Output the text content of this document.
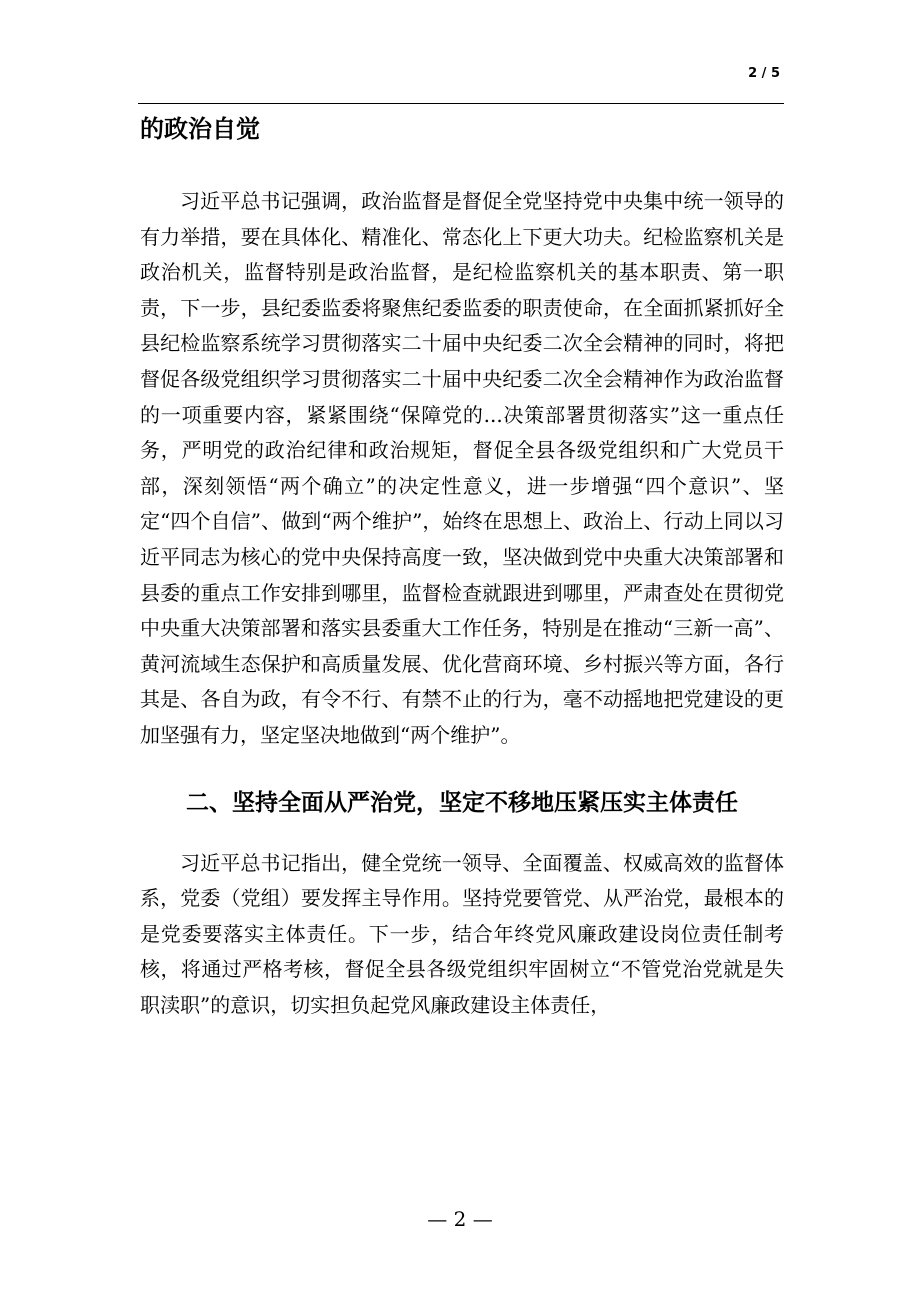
2 / 5
的政治自觉

习近平总书记强调，政治监督是督促全党坚持党中央集中统一领导的有力举措，要在具体化、精准化、常态化上下更大功夫。纪检监察机关是政治机关，监督特别是政治监督，是纪检监察机关的基本职责、第一职责，下一步，县纪委监委将聚焦纪委监委的职责使命，在全面抓紧抓好全县纪检监察系统学习贯彻落实二十届中央纪委二次全会精神的同时，将把督促各级党组织学习贯彻落实二十届中央纪委二次全会精神作为政治监督的一项重要内容，紧紧围绕“保障党的...决策部署贯彻落实”这一重点任务，严明党的政治纪律和政治规矩，督促全县各级党组织和广大党员干部，深刻领悟“两个确立”的决定性意义，进一步增强“四个意识”、坚定“四个自信”、做到“两个维护”，始终在思想上、政治上、行动上同以习近平同志为核心的党中央保持高度一致，坚决做到党中央重大决策部署和县委的重点工作安排到哪里，监督检查就跟进到哪里，严肃查处在贯彻党中央重大决策部署和落实县委重大工作任务，特别是在推动“三新一高”、黄河流域生态保护和高质量发展、优化营商环境、乡村振兴等方面，各行其是、各自为政，有令不行、有禁不止的行为，毫不动摇地把党建设的更加坚强有力，坚定坚决地做到“两个维护”。

二、坚持全面从严治党，坚定不移地压紧压实主体责任

习近平总书记指出，健全党统一领导、全面覆盖、权威高效的监督体系，党委（党组）要发挥主导作用。坚持党要管党、从严治党，最根本的是党委要落实主体责任。下一步，结合年终党风廉政建设岗位责任制考核，将通过严格考核，督促全县各级党组织牢固树立“不管党治党就是失职渎职”的意识，切实担负起党风廉政建设主体责任，

— 2 —
